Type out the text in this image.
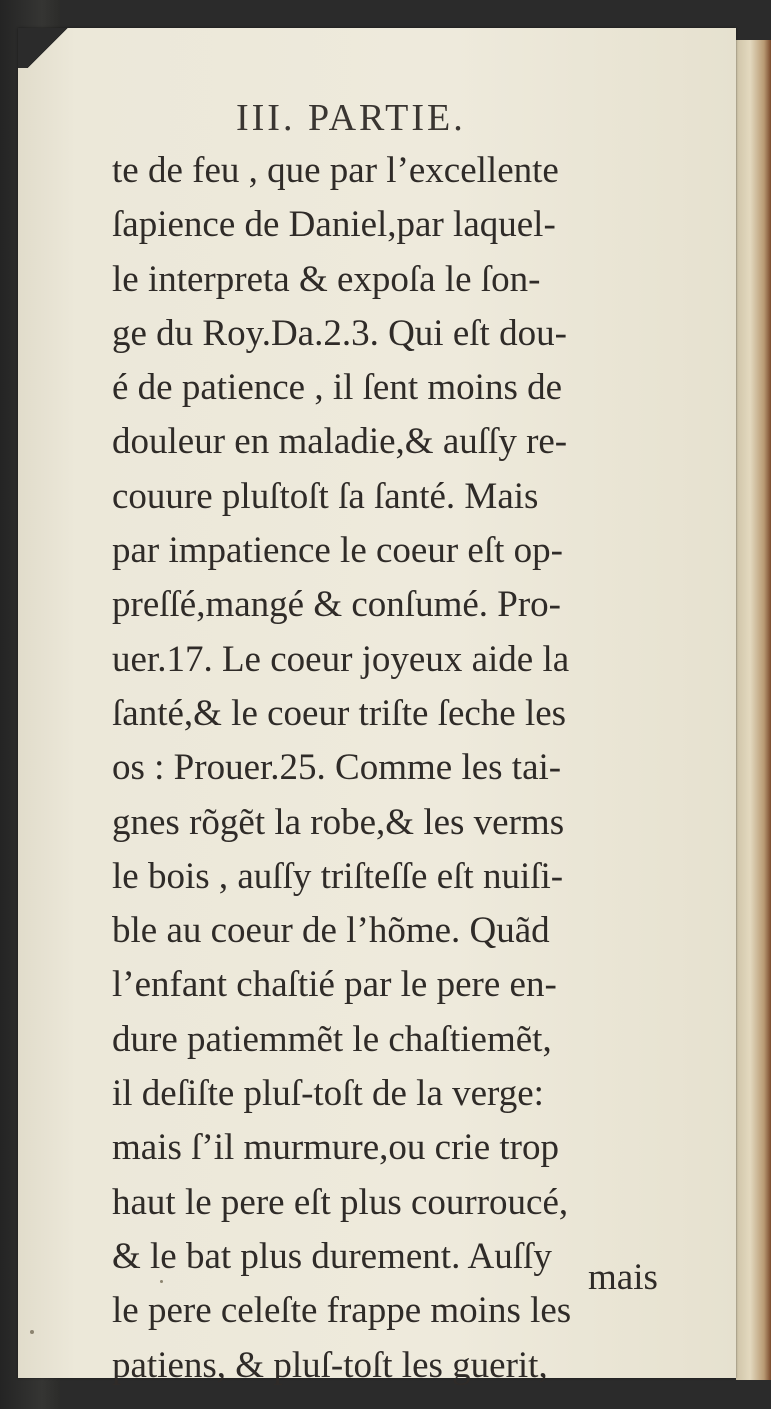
III. PARTIE.
te de feu , que par l’excellente
ſapience de Daniel,par laquel-
le interpreta & expoſa le ſon-
ge du Roy.Da.2.3. Qui eſt dou-
é de patience , il ſent moins de
douleur en maladie,& auſſy re-
couure pluſtoſt ſa ſanté. Mais
par impatience le coeur eſt op-
preſſé,mangé & conſumé. Pro-
uer.17. Le coeur joyeux aide la
ſanté,& le coeur triſte ſeche les
os : Prouer.25. Comme les tai-
gnes rõgẽt la robe,& les verms
le bois , auſſy triſteſſe eſt nuiſi-
ble au coeur de l’hõme. Quãd
l’enfant chaſtié par le pere en-
dure patiemmẽt le chaſtiemẽt,
il deſiſte pluſ-toſt de la verge:
mais ſ’il murmure,ou crie trop
haut le pere eſt plus courroucé,
& le bat plus durement. Auſſy
le pere celeſte frappe moins les
patiens, & pluſ-toſt les guerit,
mais
